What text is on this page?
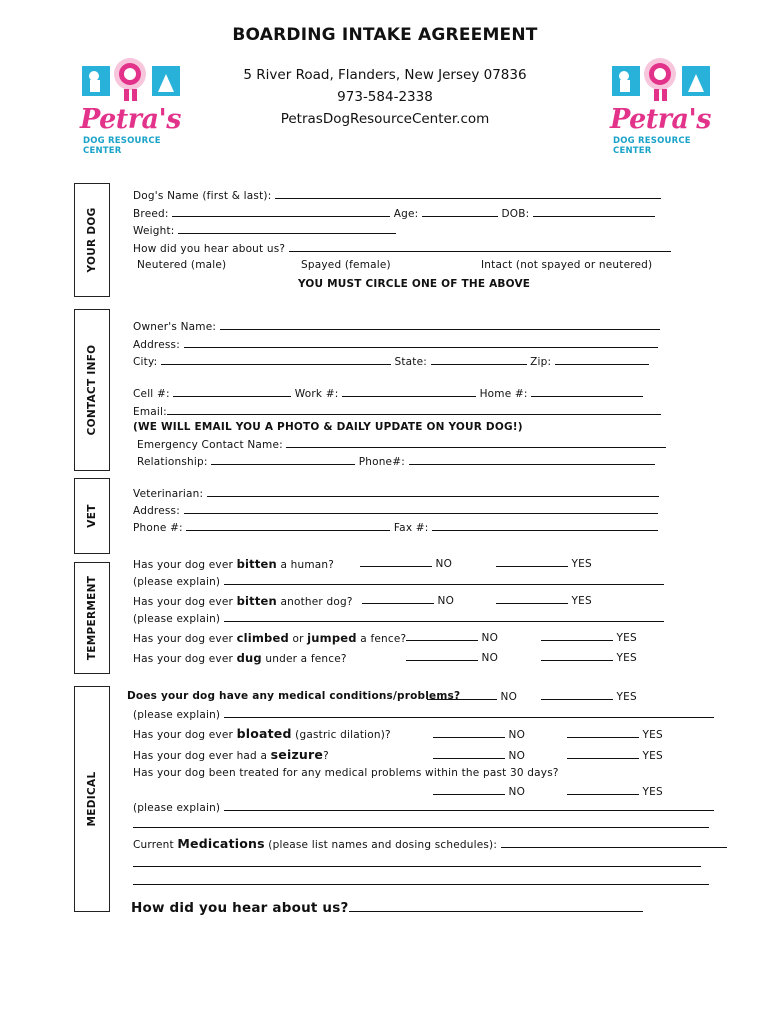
BOARDING INTAKE AGREEMENT
5 River Road, Flanders, New Jersey 07836
973-584-2338
PetrasDogResourceCenter.com
Petra's
DOG RESOURCE CENTER
Petra's
DOG RESOURCE CENTER
YOUR DOG
CONTACT INFO
VET
TEMPERMENT
MEDICAL
Dog's Name (first & last):
Breed:	Age:	DOB:
Weight:
How did you hear about us?
Neutered (male)	Spayed (female)	Intact (not spayed or neutered)
YOU MUST CIRCLE ONE OF THE ABOVE
Owner's Name:
Address:
City:	State:	Zip:
Cell #:	Work #:	Home #:
Email:
(WE WILL EMAIL YOU A PHOTO & DAILY UPDATE ON YOUR DOG!)
Emergency Contact Name:
Relationship:	Phone#:
Veterinarian:
Address:
Phone #:	Fax #:
Has your dog ever bitten a human?	NO	YES
(please explain)
Has your dog ever bitten another dog?	NO	YES
(please explain)
Has your dog ever climbed or jumped a fence?	NO	YES
Has your dog ever dug under a fence?	NO	YES
Does your dog have any medical conditions/problems?	NO	YES
(please explain)
Has your dog ever bloated (gastric dilation)?	NO	YES
Has your dog ever had a seizure?	NO	YES
Has your dog been treated for any medical problems within the past 30 days?
NO	YES
(please explain)
Current Medications (please list names and dosing schedules):
How did you hear about us?
